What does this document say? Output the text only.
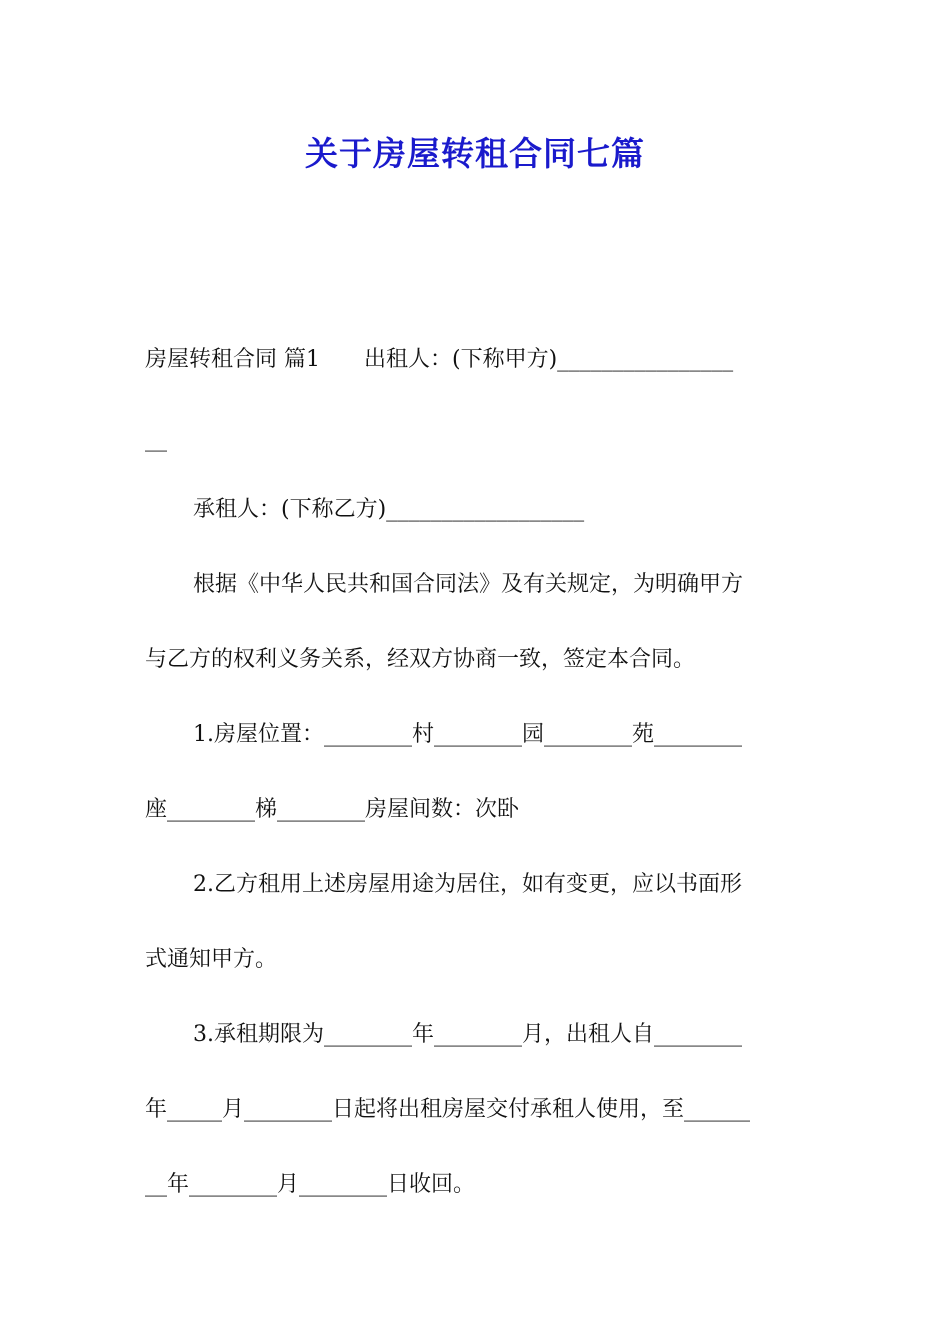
关于房屋转租合同七篇
房屋转租合同 篇1　　出租人：(下称甲方)________________
__
承租人：(下称乙方)__________________
根据《中华人民共和国合同法》及有关规定，为明确甲方
与乙方的权利义务关系，经双方协商一致，签定本合同。
1.房屋位置：________村________园________苑________
座________梯________房屋间数：次卧
2.乙方租用上述房屋用途为居住，如有变更，应以书面形
式通知甲方。
3.承租期限为________年________月，出租人自________
年_____月________日起将出租房屋交付承租人使用，至______
__年________月________日收回。
